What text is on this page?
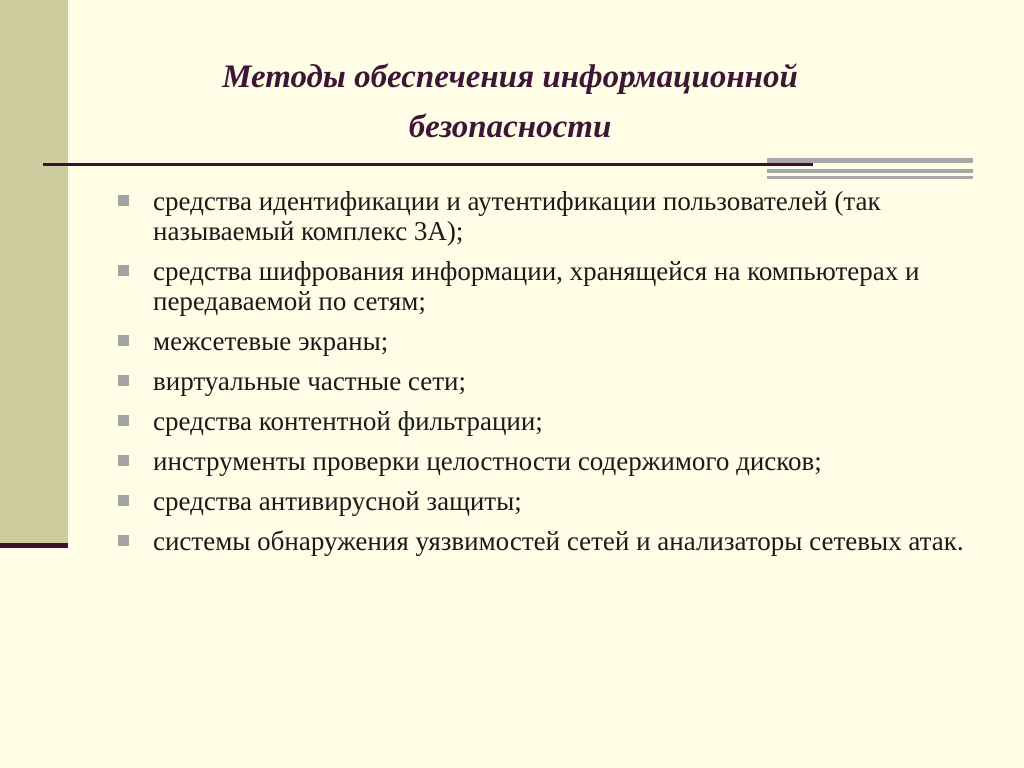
Методы обеспечения информационной безопасности
средства идентификации и аутентификации пользователей (так называемый комплекс 3А);
средства шифрования информации, хранящейся на компьютерах и передаваемой по сетям;
межсетевые экраны;
виртуальные частные сети;
средства контентной фильтрации;
инструменты проверки целостности содержимого дисков;
средства антивирусной защиты;
системы обнаружения уязвимостей сетей и анализаторы сетевых атак.
